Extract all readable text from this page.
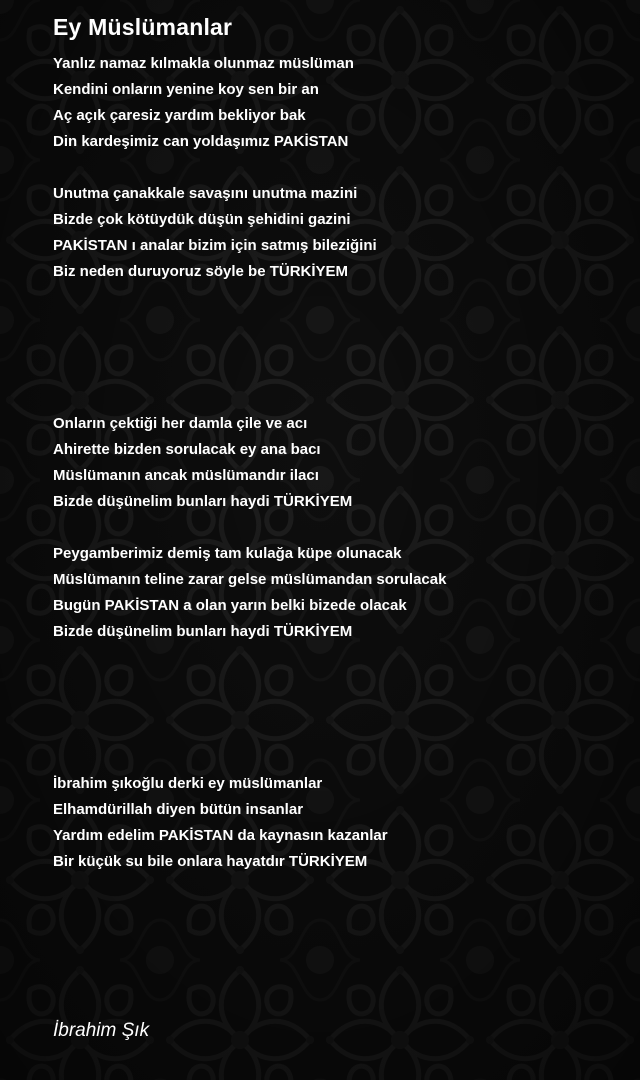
Ey Müslümanlar
Yanlız namaz kılmakla olunmaz müslüman
Kendini onların yenine koy sen bir an
Aç açık çaresiz yardım bekliyor bak
Din kardeşimiz can yoldaşımız PAKİSTAN
Unutma çanakkale savaşını unutma mazini
Bizde çok kötüydük düşün şehidini gazini
PAKİSTAN ı analar bizim için satmış bileziğini
Biz neden duruyoruz söyle be TÜRKİYEM
Onların çektiği her damla çile ve acı
Ahirette bizden sorulacak ey ana bacı
Müslümanın ancak müslümandır ilacı
Bizde düşünelim bunları haydi TÜRKİYEM
Peygamberimiz demiş tam kulağa küpe olunacak
Müslümanın teline zarar gelse müslümandan sorulacak
Bugün PAKİSTAN a olan yarın belki bizede olacak
Bizde düşünelim bunları haydi TÜRKİYEM
İbrahim şıkoğlu derki ey müslümanlar
Elhamdürillah diyen bütün insanlar
Yardım edelim PAKİSTAN da kaynasın kazanlar
Bir küçük su bile onlara hayatdır TÜRKİYEM
İbrahim Şık
